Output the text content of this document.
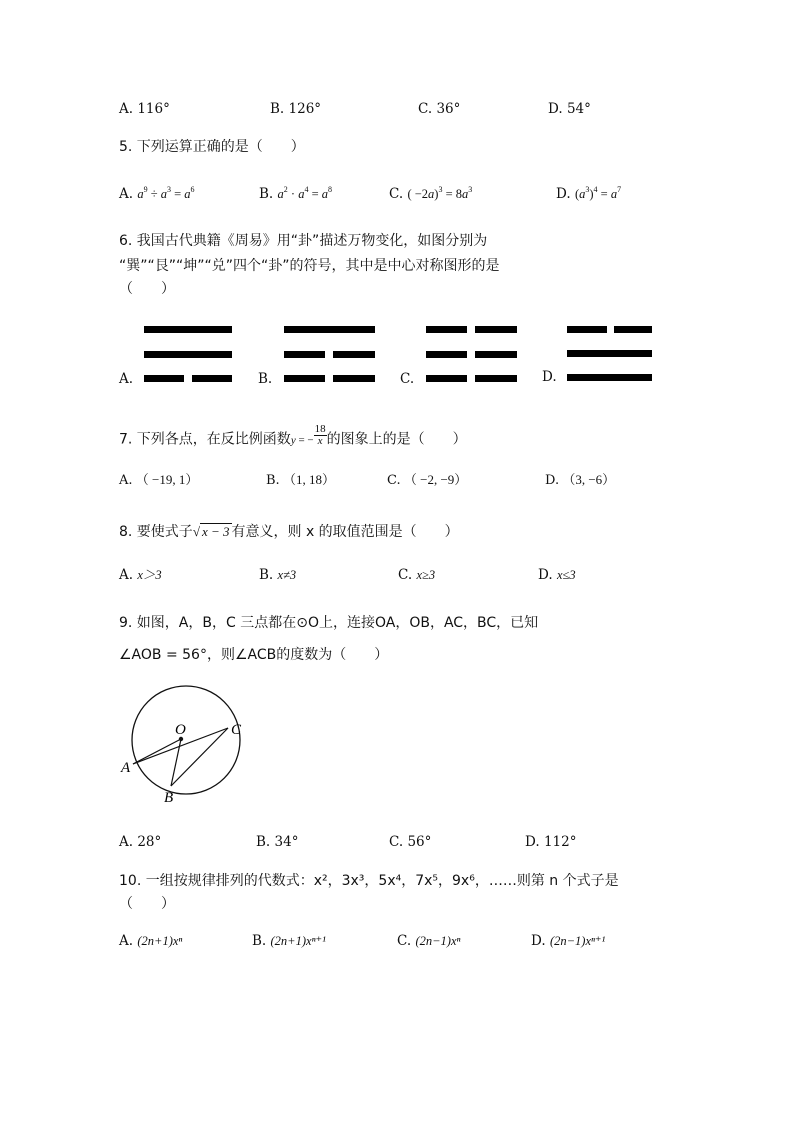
A. 116°	B. 126°	C. 36°	D. 54°
5. 下列运算正确的是（　　）
A. $a^9 \div a^3 = a^6$	B. $a^2 \cdot a^4 = a^8$	C. ( $-2a)^3 = 8a^3$	D. $(a^3)^4 = a^7$
6. 我国古代典籍《周易》用“卦”描述万物变化，如图分别为
“巽”“艮”“坤”“兑”四个“卦”的符号，其中是中心对称图形的是
（　　）
A.	B.	C.	D.
7. 下列各点，在反比例函数y = − $\frac{18}{x}$ 的图象上的是（　　）
A. （ −19, 1）	B. （1, 18）	C. （ −2, −9）	D. （3, −6）
8. 要使式子√ x − 3 有意义，则 x 的取值范围是（　　）
A. x＞3	B. x≠3	C. x≥3	D. x≤3
9. 如图，A，B，C 三点都在⊙O上，连接OA，OB，AC，BC，已知
∠AOB = 56°，则∠ACB的度数为（　　）
O
A
B
C
A. 28°	B. 34°	C. 56°	D. 112°
10. 一组按规律排列的代数式：x²，3x³，5x⁴，7x⁵，9x⁶，……则第 n 个式子是
（　　）
A. (2n+1)xⁿ	B. (2n+1)xⁿ⁺¹	C. (2n−1)xⁿ	D. (2n−1)xⁿ⁺¹
